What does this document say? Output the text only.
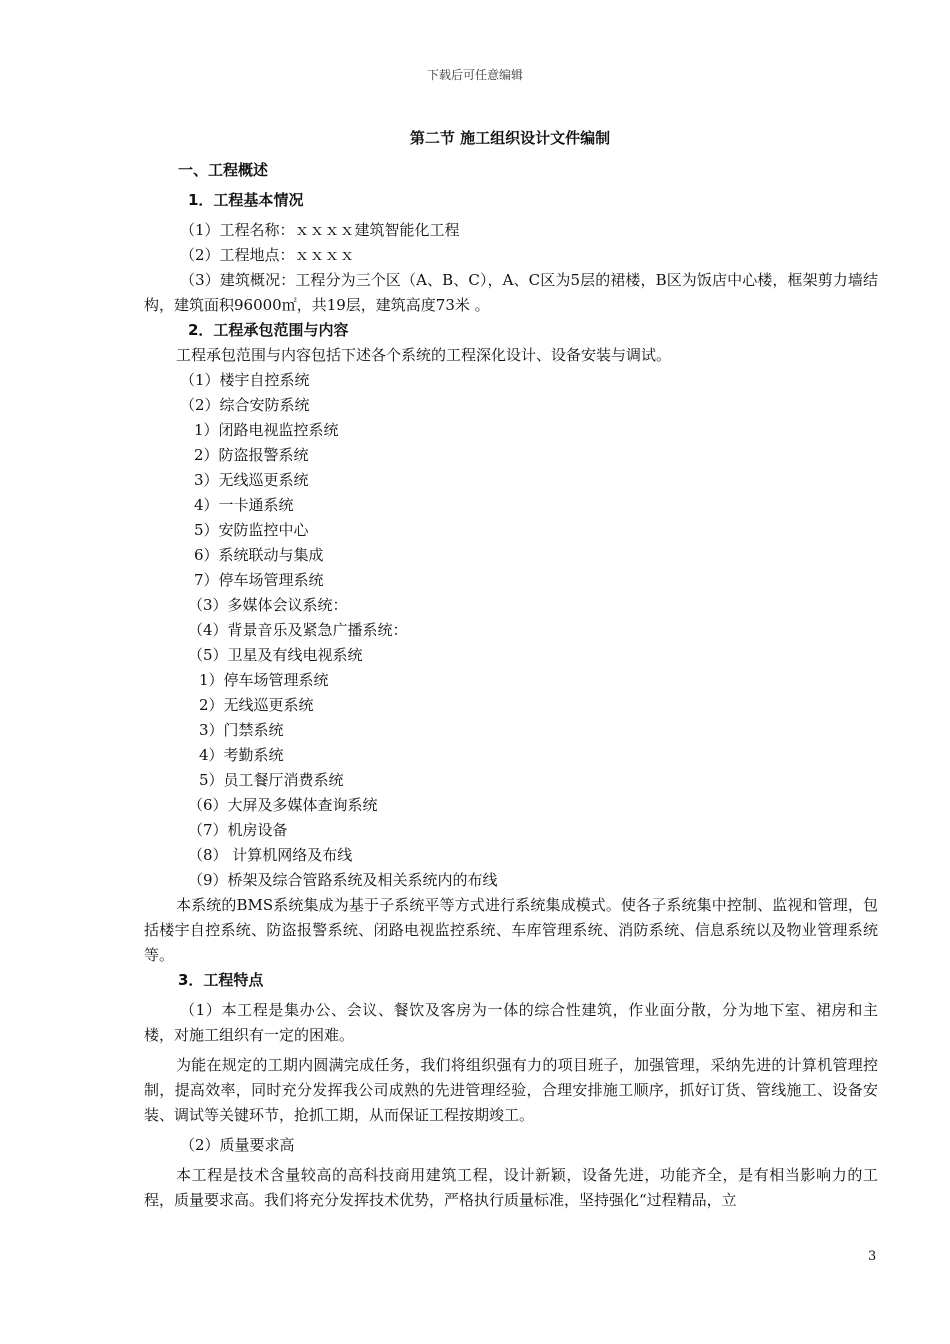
下载后可任意编辑
第二节 施工组织设计文件编制
一、工程概述
1．工程基本情况
（1）工程名称：ｘｘｘｘ建筑智能化工程
（2）工程地点：ｘｘｘｘ
（3）建筑概况：工程分为三个区（A、B、C），A、C区为5层的裙楼，B区为饭店中心楼，框架剪力墙结构，建筑面积96000㎡，共19层，建筑高度73米 。
2．工程承包范围与内容
工程承包范围与内容包括下述各个系统的工程深化设计、设备安装与调试。
（1）楼宇自控系统
（2）综合安防系统
1）闭路电视监控系统
2）防盗报警系统
3）无线巡更系统
4）一卡通系统
5）安防监控中心
6）系统联动与集成
7）停车场管理系统
（3）多媒体会议系统：
（4）背景音乐及紧急广播系统：
（5）卫星及有线电视系统
1）停车场管理系统
2）无线巡更系统
3）门禁系统
4）考勤系统
5）员工餐厅消费系统
（6）大屏及多媒体查询系统
（7）机房设备
（8） 计算机网络及布线
（9）桥架及综合管路系统及相关系统内的布线
本系统的BMS系统集成为基于子系统平等方式进行系统集成模式。使各子系统集中控制、监视和管理，包括楼宇自控系统、防盗报警系统、闭路电视监控系统、车库管理系统、消防系统、信息系统以及物业管理系统等。
3．工程特点
（1）本工程是集办公、会议、餐饮及客房为一体的综合性建筑，作业面分散，分为地下室、裙房和主楼，对施工组织有一定的困难。
为能在规定的工期内圆满完成任务，我们将组织强有力的项目班子，加强管理，采纳先进的计算机管理控制，提高效率，同时充分发挥我公司成熟的先进管理经验，合理安排施工顺序，抓好订货、管线施工、设备安装、调试等关键环节，抢抓工期，从而保证工程按期竣工。
（2）质量要求高
本工程是技术含量较高的高科技商用建筑工程，设计新颖，设备先进，功能齐全，是有相当影响力的工程，质量要求高。我们将充分发挥技术优势，严格执行质量标准，坚持强化“过程精品，立
3
